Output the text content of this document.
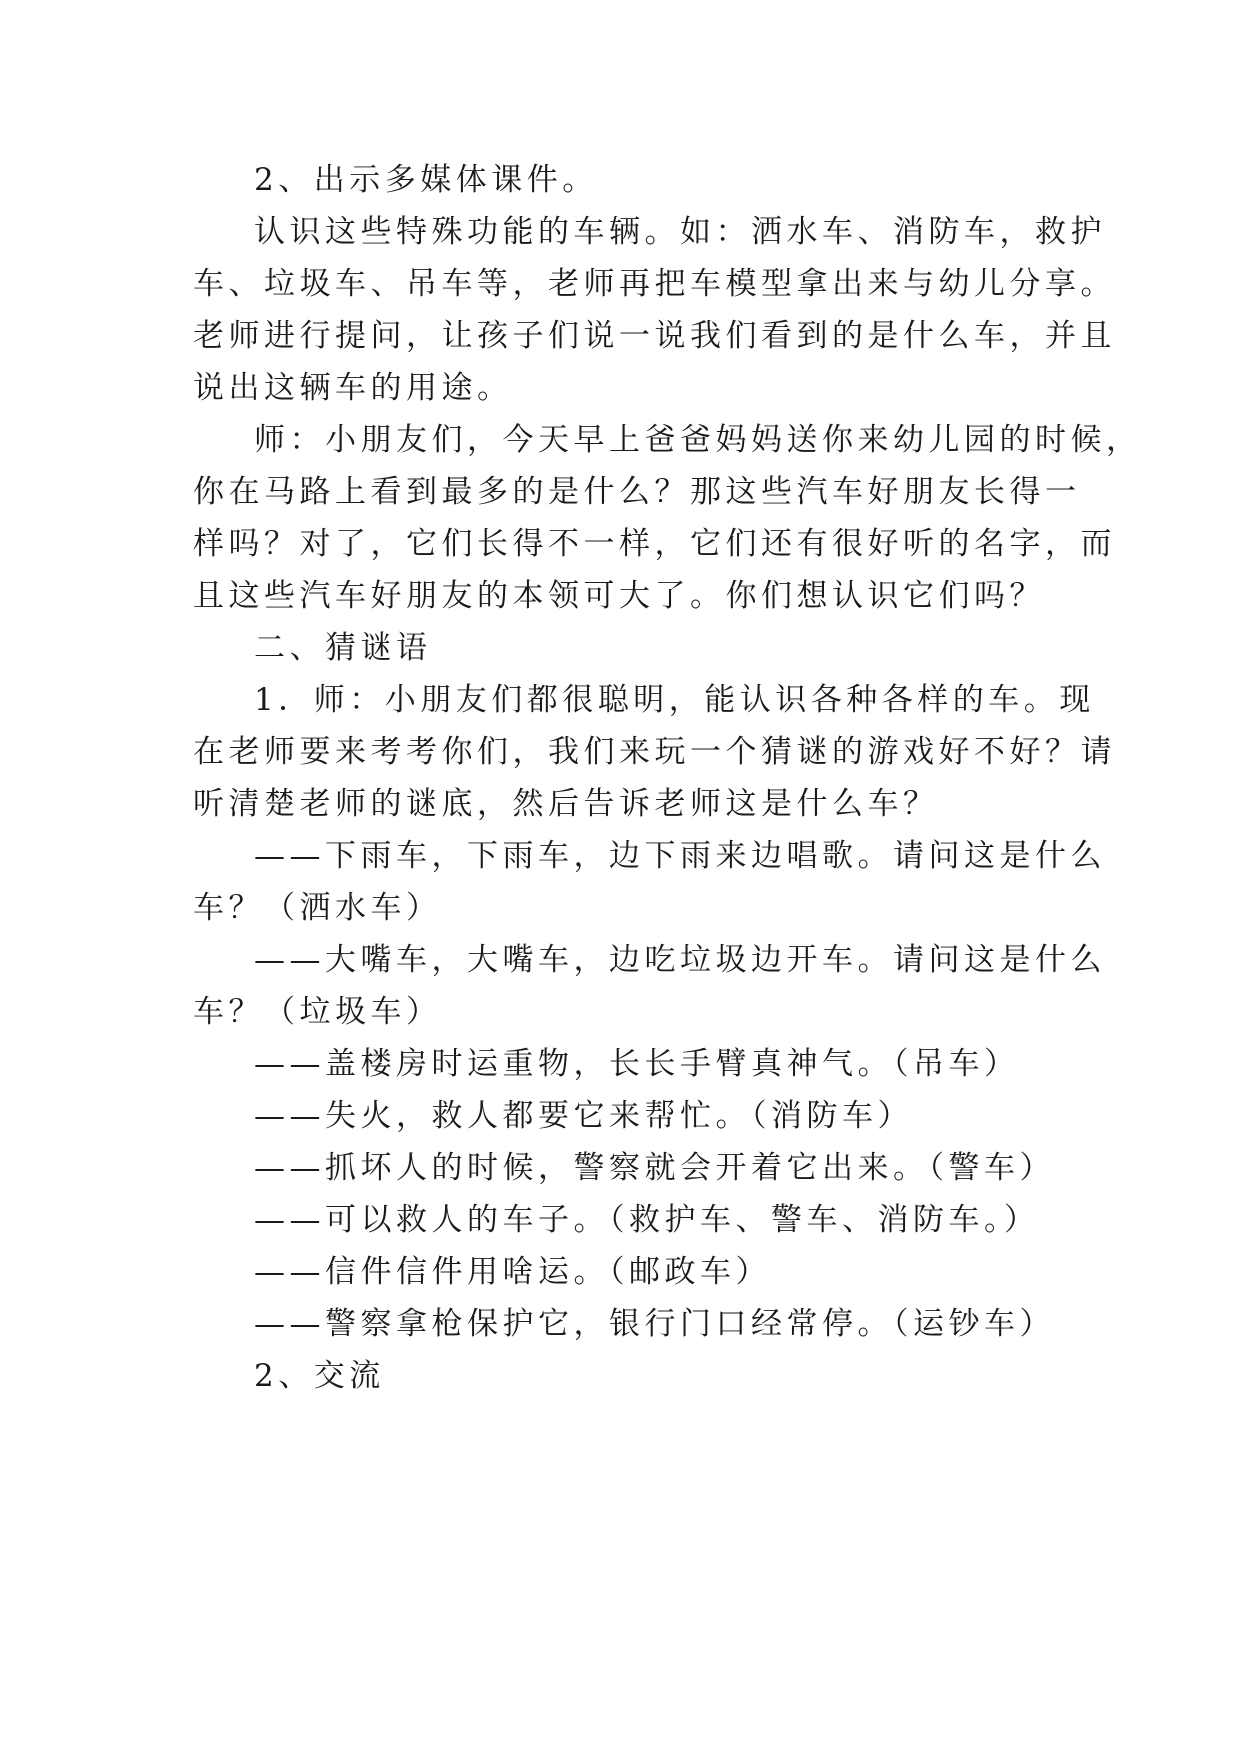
2、出示多媒体课件。
认识这些特殊功能的车辆。如：洒水车、消防车，救护
车、垃圾车、吊车等，老师再把车模型拿出来与幼儿分享。
老师进行提问，让孩子们说一说我们看到的是什么车，并且
说出这辆车的用途。
师：小朋友们，今天早上爸爸妈妈送你来幼儿园的时候，
你在马路上看到最多的是什么？那这些汽车好朋友长得一
样吗？对了，它们长得不一样，它们还有很好听的名字，而
且这些汽车好朋友的本领可大了。你们想认识它们吗？
二、猜谜语
1．师：小朋友们都很聪明，能认识各种各样的车。现
在老师要来考考你们，我们来玩一个猜谜的游戏好不好？请
听清楚老师的谜底，然后告诉老师这是什么车？
——下雨车，下雨车，边下雨来边唱歌。请问这是什么
车？（洒水车）
——大嘴车，大嘴车，边吃垃圾边开车。请问这是什么
车？（垃圾车）
——盖楼房时运重物，长长手臂真神气。（吊车）
——失火，救人都要它来帮忙。（消防车）
——抓坏人的时候，警察就会开着它出来。（警车）
——可以救人的车子。（救护车、警车、消防车。）
——信件信件用啥运。（邮政车）
——警察拿枪保护它，银行门口经常停。（运钞车）
2、交流
